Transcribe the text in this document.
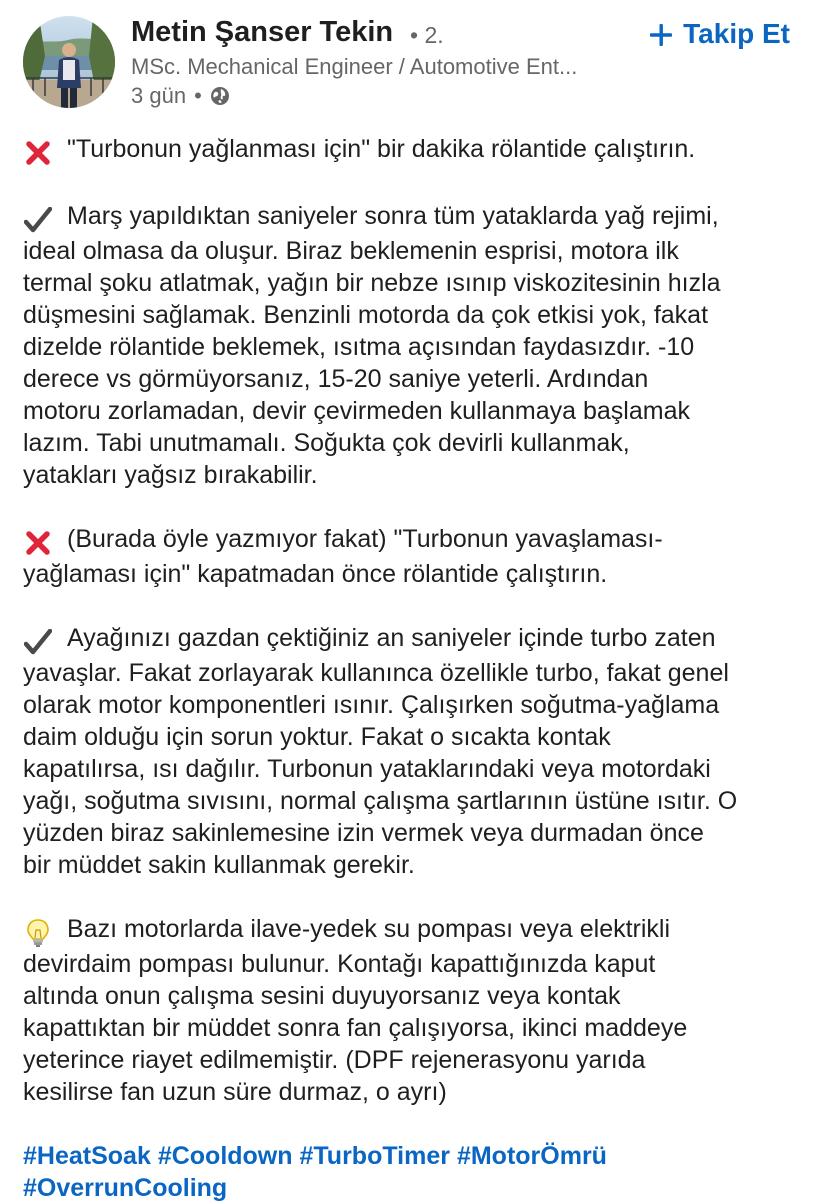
Metin Şanser Tekin • 2.
MSc. Mechanical Engineer / Automotive Ent...
3 gün •
Takip Et
"Turbonun yağlanması için" bir dakika rölantide çalıştırın.
Marş yapıldıktan saniyeler sonra tüm yataklarda yağ rejimi,
ideal olmasa da oluşur. Biraz beklemenin esprisi, motora ilk
termal şoku atlatmak, yağın bir nebze ısınıp viskozitesinin hızla
düşmesini sağlamak. Benzinli motorda da çok etkisi yok, fakat
dizelde rölantide beklemek, ısıtma açısından faydasızdır. -10
derece vs görmüyorsanız, 15-20 saniye yeterli. Ardından
motoru zorlamadan, devir çevirmeden kullanmaya başlamak
lazım. Tabi unutmamalı. Soğukta çok devirli kullanmak,
yatakları yağsız bırakabilir.
(Burada öyle yazmıyor fakat) "Turbonun yavaşlaması-
yağlaması için" kapatmadan önce rölantide çalıştırın.
Ayağınızı gazdan çektiğiniz an saniyeler içinde turbo zaten
yavaşlar. Fakat zorlayarak kullanınca özellikle turbo, fakat genel
olarak motor komponentleri ısınır. Çalışırken soğutma-yağlama
daim olduğu için sorun yoktur. Fakat o sıcakta kontak
kapatılırsa, ısı dağılır. Turbonun yataklarındaki veya motordaki
yağı, soğutma sıvısını, normal çalışma şartlarının üstüne ısıtır. O
yüzden biraz sakinlemesine izin vermek veya durmadan önce
bir müddet sakin kullanmak gerekir.
Bazı motorlarda ilave-yedek su pompası veya elektrikli
devirdaim pompası bulunur. Kontağı kapattığınızda kaput
altında onun çalışma sesini duyuyorsanız veya kontak
kapattıktan bir müddet sonra fan çalışıyorsa, ikinci maddeye
yeterince riayet edilmemiştir. (DPF rejenerasyonu yarıda
kesilirse fan uzun süre durmaz, o ayrı)
#HeatSoak #Cooldown #TurboTimer #MotorÖmrü
#OverrunCooling
